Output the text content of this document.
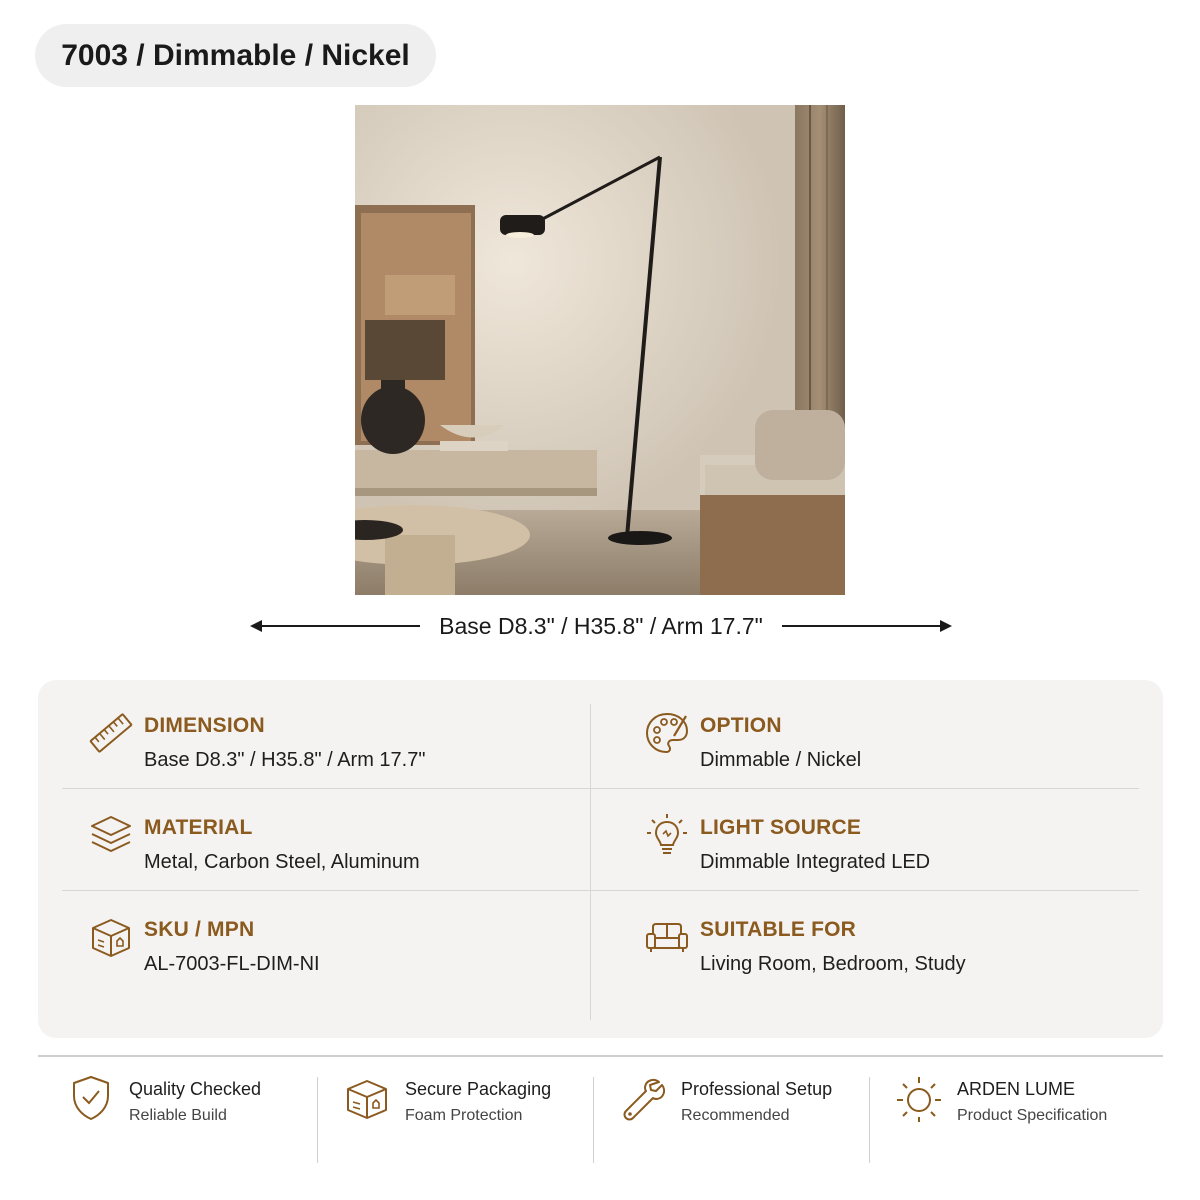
7003 / Dimmable / Nickel
Base D8.3" / H35.8" / Arm 17.7"
DIMENSION
Base D8.3" / H35.8" / Arm 17.7"
OPTION
Dimmable / Nickel
MATERIAL
Metal, Carbon Steel, Aluminum
LIGHT SOURCE
Dimmable Integrated LED
SKU / MPN
AL-7003-FL-DIM-NI
SUITABLE FOR
Living Room, Bedroom, Study
Quality Checked
Reliable Build
Secure Packaging
Foam Protection
Professional Setup
Recommended
ARDEN LUME
Product Specification
